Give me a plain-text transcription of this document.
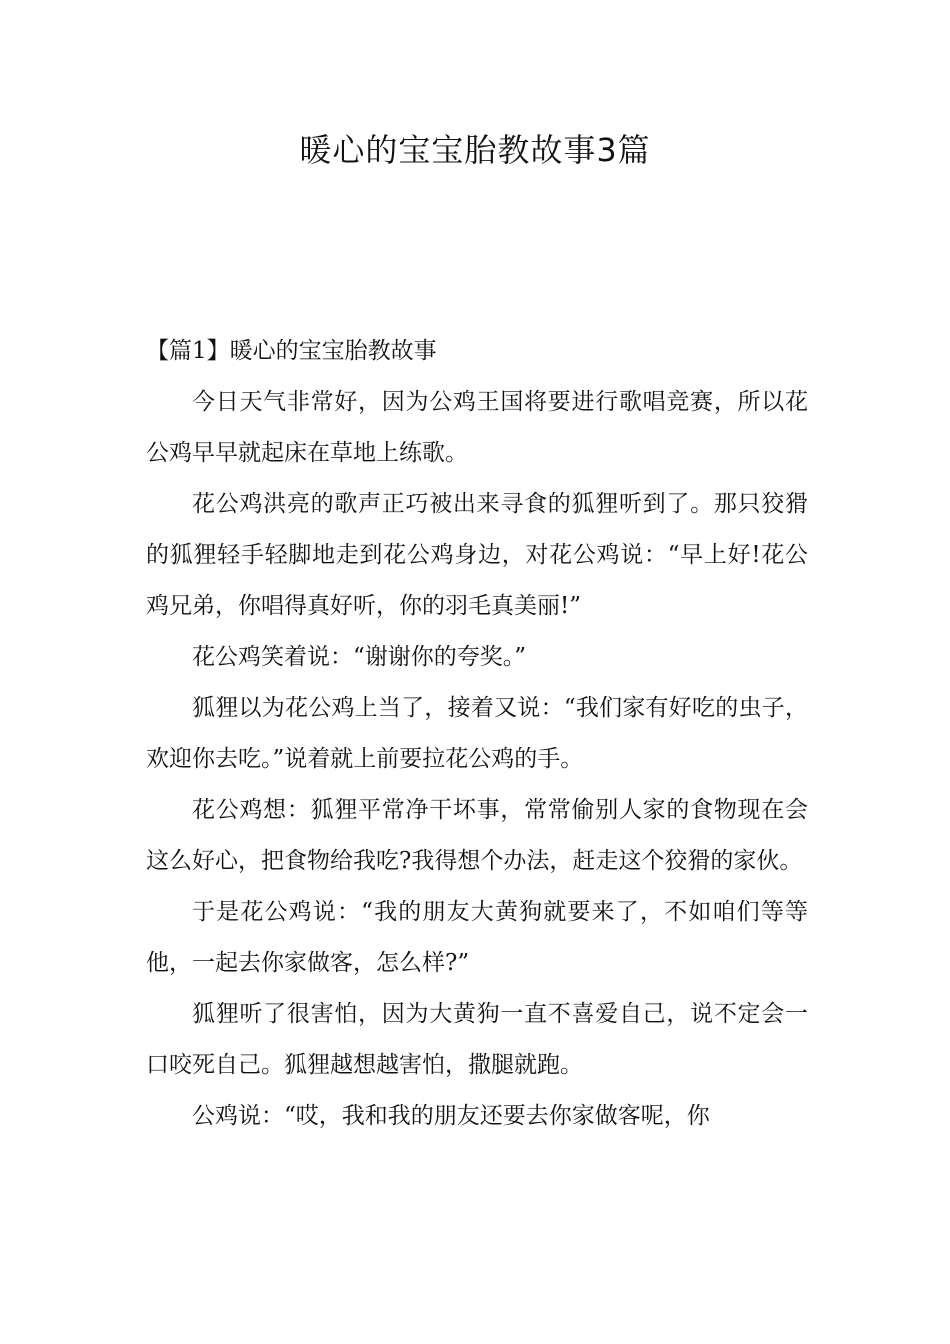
暖心的宝宝胎教故事3篇
【篇1】暖心的宝宝胎教故事

今日天气非常好，因为公鸡王国将要进行歌唱竞赛，所以花公鸡早早就起床在草地上练歌。

花公鸡洪亮的歌声正巧被出来寻食的狐狸听到了。那只狡猾的狐狸轻手轻脚地走到花公鸡身边，对花公鸡说：“早上好!花公鸡兄弟，你唱得真好听，你的羽毛真美丽!”

花公鸡笑着说：“谢谢你的夸奖。”

狐狸以为花公鸡上当了，接着又说：“我们家有好吃的虫子，欢迎你去吃。”说着就上前要拉花公鸡的手。

花公鸡想：狐狸平常净干坏事，常常偷别人家的食物现在会这么好心，把食物给我吃?我得想个办法，赶走这个狡猾的家伙。

于是花公鸡说：“我的朋友大黄狗就要来了，不如咱们等等他，一起去你家做客，怎么样?”

狐狸听了很害怕，因为大黄狗一直不喜爱自己，说不定会一口咬死自己。狐狸越想越害怕，撒腿就跑。

公鸡说：“哎，我和我的朋友还要去你家做客呢，你
